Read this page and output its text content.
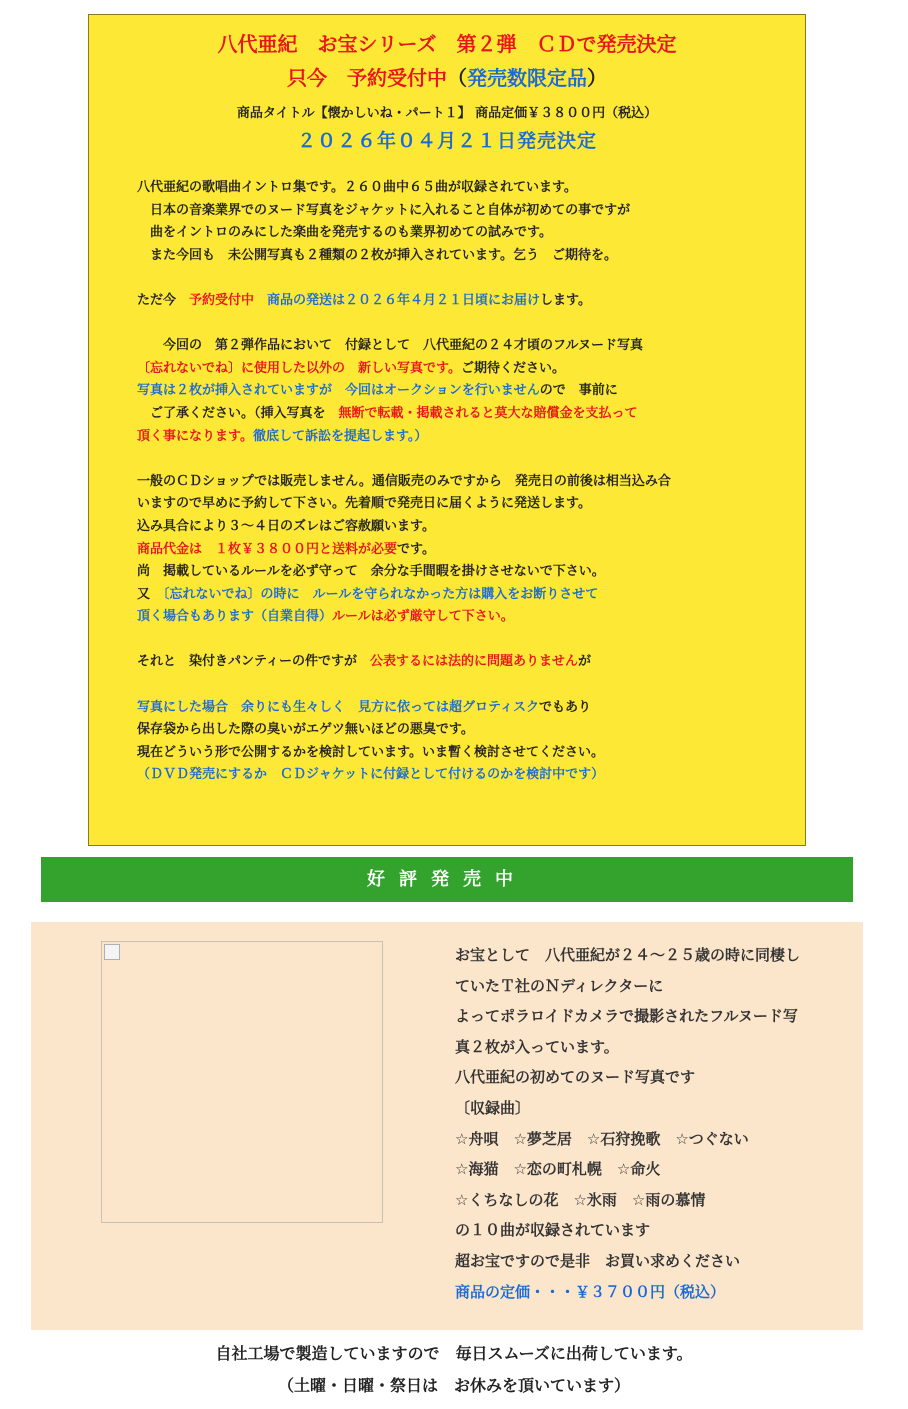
八代亜紀　お宝シリーズ　第２弾　ＣＤで発売決定
只今　予約受付中（発売数限定品）
商品タイトル【懐かしいね・パート１】 商品定価￥３８００円（税込）
２０２６年０４月２１日発売決定
八代亜紀の歌唱曲イントロ集です。２６０曲中６５曲が収録されています。
　日本の音楽業界でのヌード写真をジャケットに入れること自体が初めての事ですが
　曲をイントロのみにした楽曲を発売するのも業界初めての試みです。
　また今回も　未公開写真も２種類の２枚が挿入されています。乞う　ご期待を。
ただ今　予約受付中　商品の発送は２０２６年４月２１日頃にお届けします。
　　今回の　第２弾作品において　付録として　八代亜紀の２４才頃のフルヌード写真
〔忘れないでね〕に使用した以外の　新しい写真です。ご期待ください。
写真は２枚が挿入されていますが　今回はオークションを行いませんので　事前に
　ご了承ください。（挿入写真を　無断で転載・掲載されると莫大な賠償金を支払って
頂く事になります。徹底して訴訟を提起します。）
一般のＣＤショップでは販売しません。通信販売のみですから　発売日の前後は相当込み合
いますので早めに予約して下さい。先着順で発売日に届くように発送します。
込み具合により３～４日のズレはご容赦願います。
商品代金は　１枚￥３８００円と送料が必要です。
尚　掲載しているルールを必ず守って　余分な手間暇を掛けさせないで下さい。
又　〔忘れないでね〕の時に　ルールを守られなかった方は購入をお断りさせて
頂く場合もあります（自業自得）ルールは必ず厳守して下さい。
それと　染付きパンティーの件ですが　公表するには法的に問題ありませんが
写真にした場合　余りにも生々しく　見方に依っては超グロティスクでもあり
保存袋から出した際の臭いがエゲツ無いほどの悪臭です。
現在どういう形で公開するかを検討しています。いま暫く検討させてください。
（ＤＶＤ発売にするか　ＣＤジャケットに付録として付けるのかを検討中です）
好評発売中
お宝として　八代亜紀が２４～２５歳の時に同棲し
ていたＴ社のＮディレクターに
よってポラロイドカメラで撮影されたフルヌード写
真２枚が入っています。
八代亜紀の初めてのヌード写真です
〔収録曲〕
☆舟唄　☆夢芝居　☆石狩挽歌　☆つぐない
☆海猫　☆恋の町札幌　☆命火
☆くちなしの花　☆氷雨　☆雨の慕情
の１０曲が収録されています
超お宝ですので是非　お買い求めください
商品の定価・・・￥３７００円（税込）
自社工場で製造していますので　毎日スムーズに出荷しています。
（土曜・日曜・祭日は　お休みを頂いています）
